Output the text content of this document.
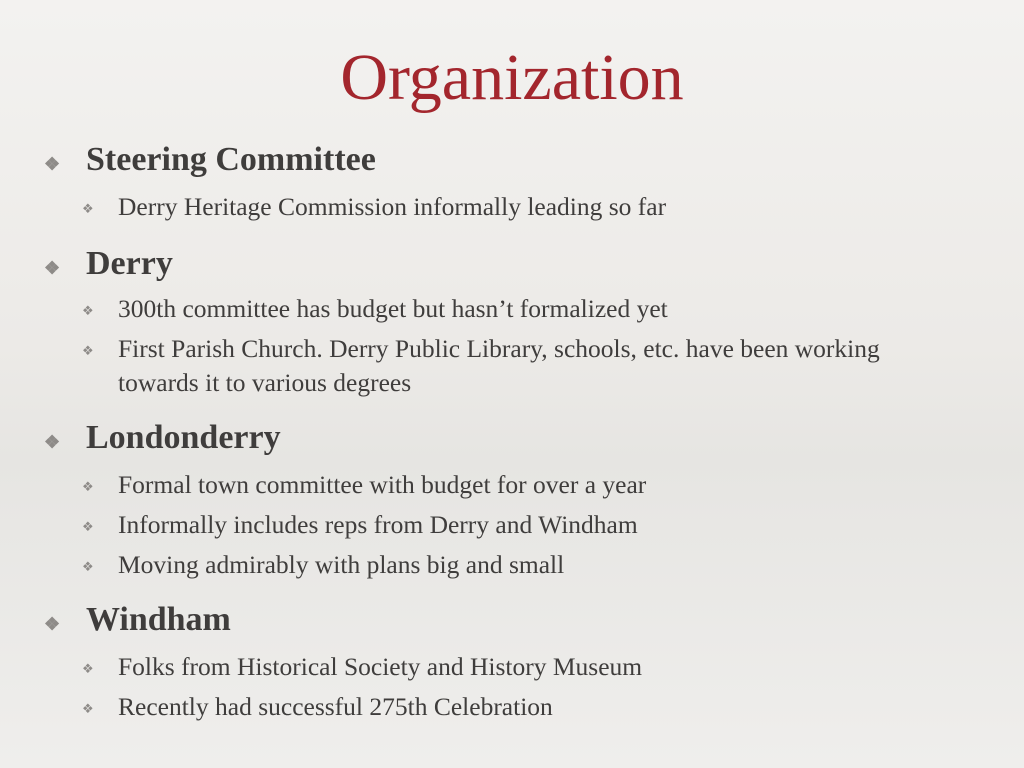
Organization
❖ Steering Committee
❖ Derry Heritage Commission informally leading so far
❖ Derry
❖ 300th committee has budget but hasn’t formalized yet
❖ First Parish Church. Derry Public Library, schools, etc. have been working
towards it to various degrees
❖ Londonderry
❖ Formal town committee with budget for over a year
❖ Informally includes reps from Derry and Windham
❖ Moving admirably with plans big and small
❖ Windham
❖ Folks from Historical Society and History Museum
❖ Recently had successful 275th Celebration
